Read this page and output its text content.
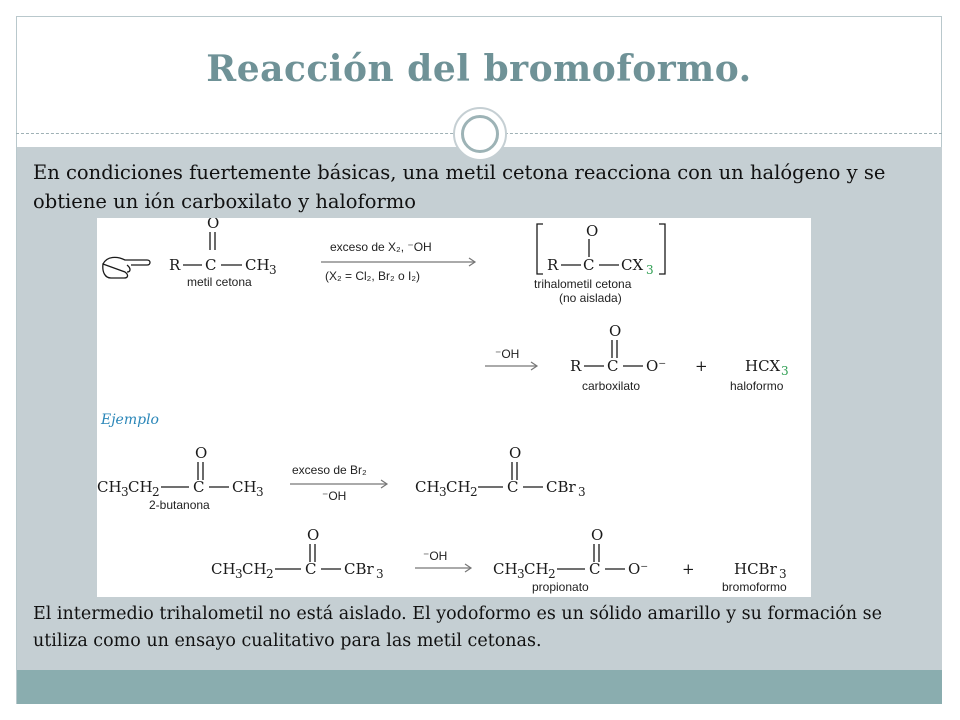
Reacción del bromoformo.
En condiciones fuertemente básicas, una metil cetona reacciona con un halógeno y se obtiene un ión carboxilato y haloformo
O
R C CH 3
metil cetona
exceso de X₂, ⁻OH
(X₂ = Cl₂, Br₂ o I₂)
O
R C CX 3
trihalometil cetona
(no aislada)
⁻OH
O
R C O⁻
carboxilato
+ HCX 3
haloformo
Ejemplo
O
CH 3 CH 2 C CH 3
2-butanona
exceso de Br₂
⁻OH
O
CH 3 CH 2 C CBr 3
O
CH 3 CH 2 C CBr 3
⁻OH
O
CH 3 CH 2 C O⁻
propionato
+	HCBr 3
bromoformo
El intermedio trihalometil no está aislado. El yodoformo es un sólido amarillo y su formación se utiliza como un ensayo cualitativo para las metil cetonas.
